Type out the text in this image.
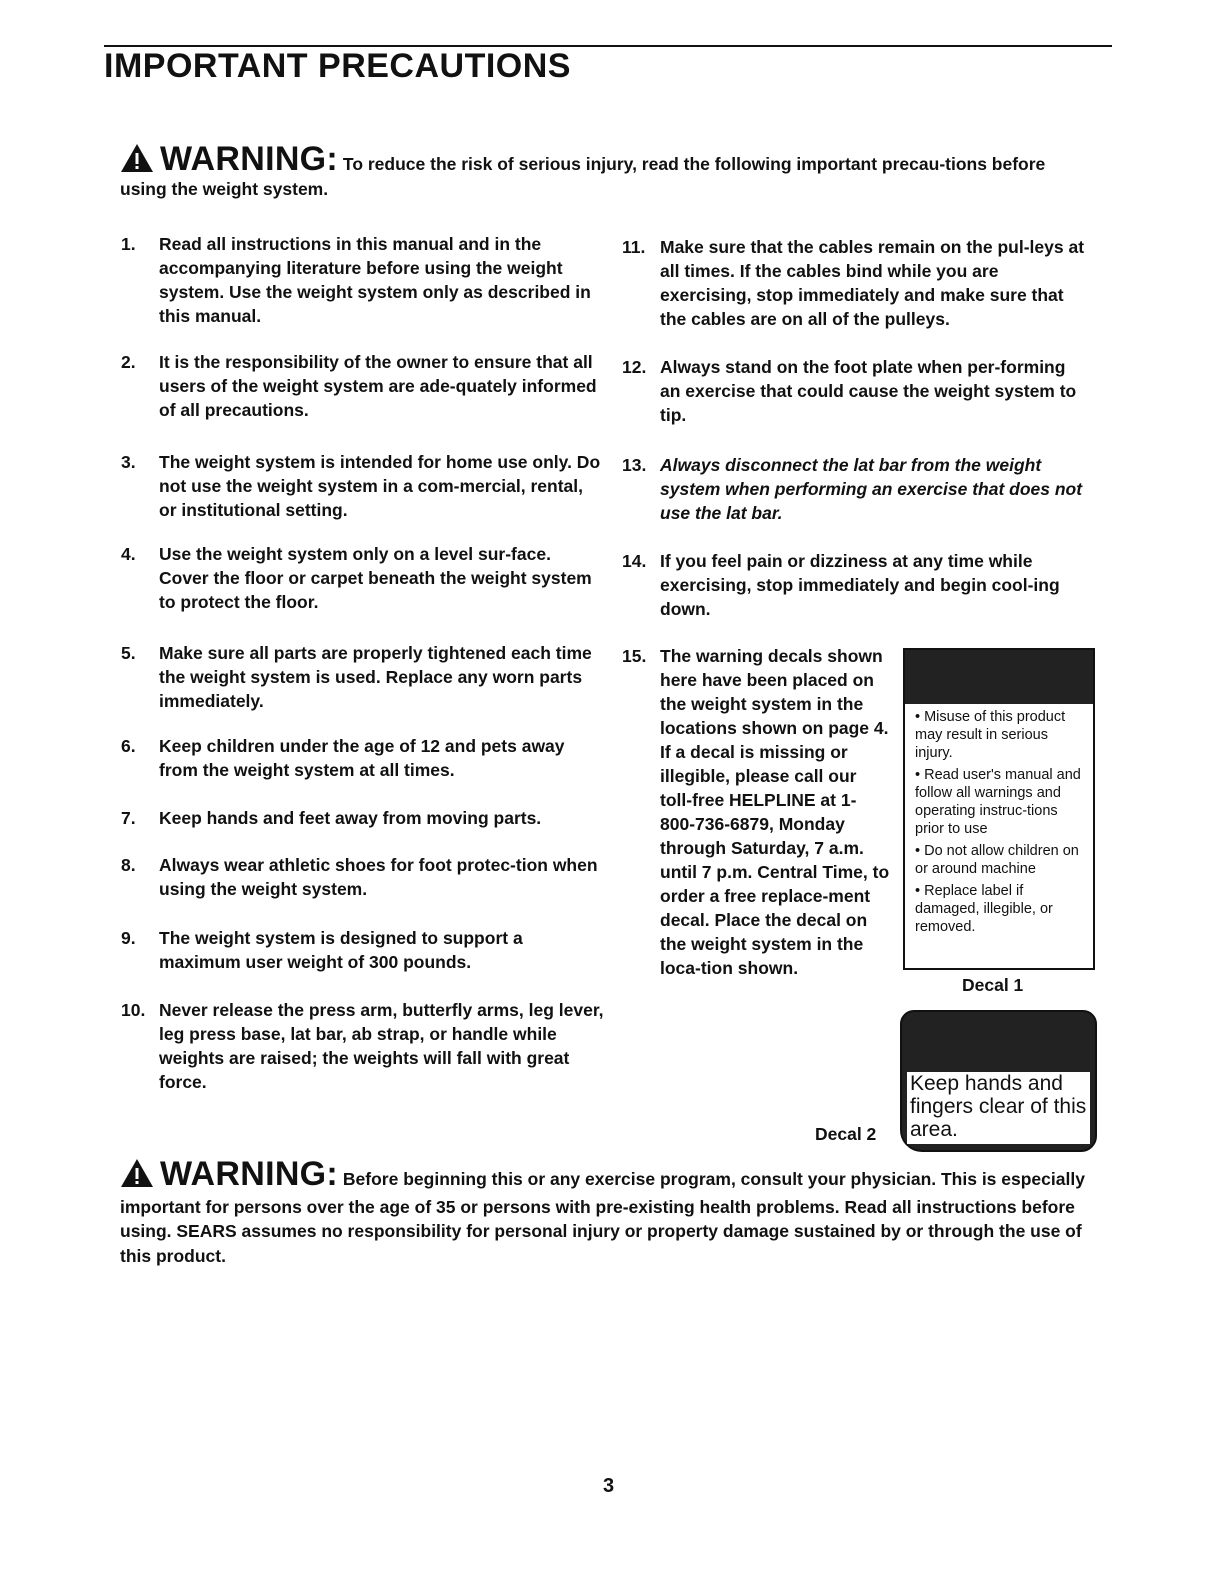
IMPORTANT PRECAUTIONS
WARNING: To reduce the risk of serious injury, read the following important precau-tions before using the weight system.
1. Read all instructions in this manual and in the accompanying literature before using the weight system. Use the weight system only as described in this manual.
2. It is the responsibility of the owner to ensure that all users of the weight system are ade-quately informed of all precautions.
3. The weight system is intended for home use only. Do not use the weight system in a com-mercial, rental, or institutional setting.
4. Use the weight system only on a level sur-face. Cover the floor or carpet beneath the weight system to protect the floor.
5. Make sure all parts are properly tightened each time the weight system is used. Replace any worn parts immediately.
6. Keep children under the age of 12 and pets away from the weight system at all times.
7. Keep hands and feet away from moving parts.
8. Always wear athletic shoes for foot protec-tion when using the weight system.
9. The weight system is designed to support a maximum user weight of 300 pounds.
10. Never release the press arm, butterfly arms, leg lever, leg press base, lat bar, ab strap, or handle while weights are raised; the weights will fall with great force.
11. Make sure that the cables remain on the pul-leys at all times. If the cables bind while you are exercising, stop immediately and make sure that the cables are on all of the pulleys.
12. Always stand on the foot plate when per-forming an exercise that could cause the weight system to tip.
13. Always disconnect the lat bar from the weight system when performing an exercise that does not use the lat bar.
14. If you feel pain or dizziness at any time while exercising, stop immediately and begin cool-ing down.
15. The warning decals shown here have been placed on the weight system in the locations shown on page 4. If a decal is missing or illegible, please call our toll-free HELPLINE at 1-800-736-6879, Monday through Saturday, 7 a.m. until 7 p.m. Central Time, to order a free replace-ment decal. Place the decal on the weight system in the loca-tion shown.
• Misuse of this product may result in serious injury.
• Read user's manual and follow all warnings and operating instruc-tions prior to use
• Do not allow children on or around machine
• Replace label if damaged, illegible, or removed.
Decal 1
Keep hands and fingers clear of this area.
Decal 2
WARNING: Before beginning this or any exercise program, consult your physician. This is especially important for persons over the age of 35 or persons with pre-existing health problems. Read all instructions before using. SEARS assumes no responsibility for personal injury or property damage sustained by or through the use of this product.
3
